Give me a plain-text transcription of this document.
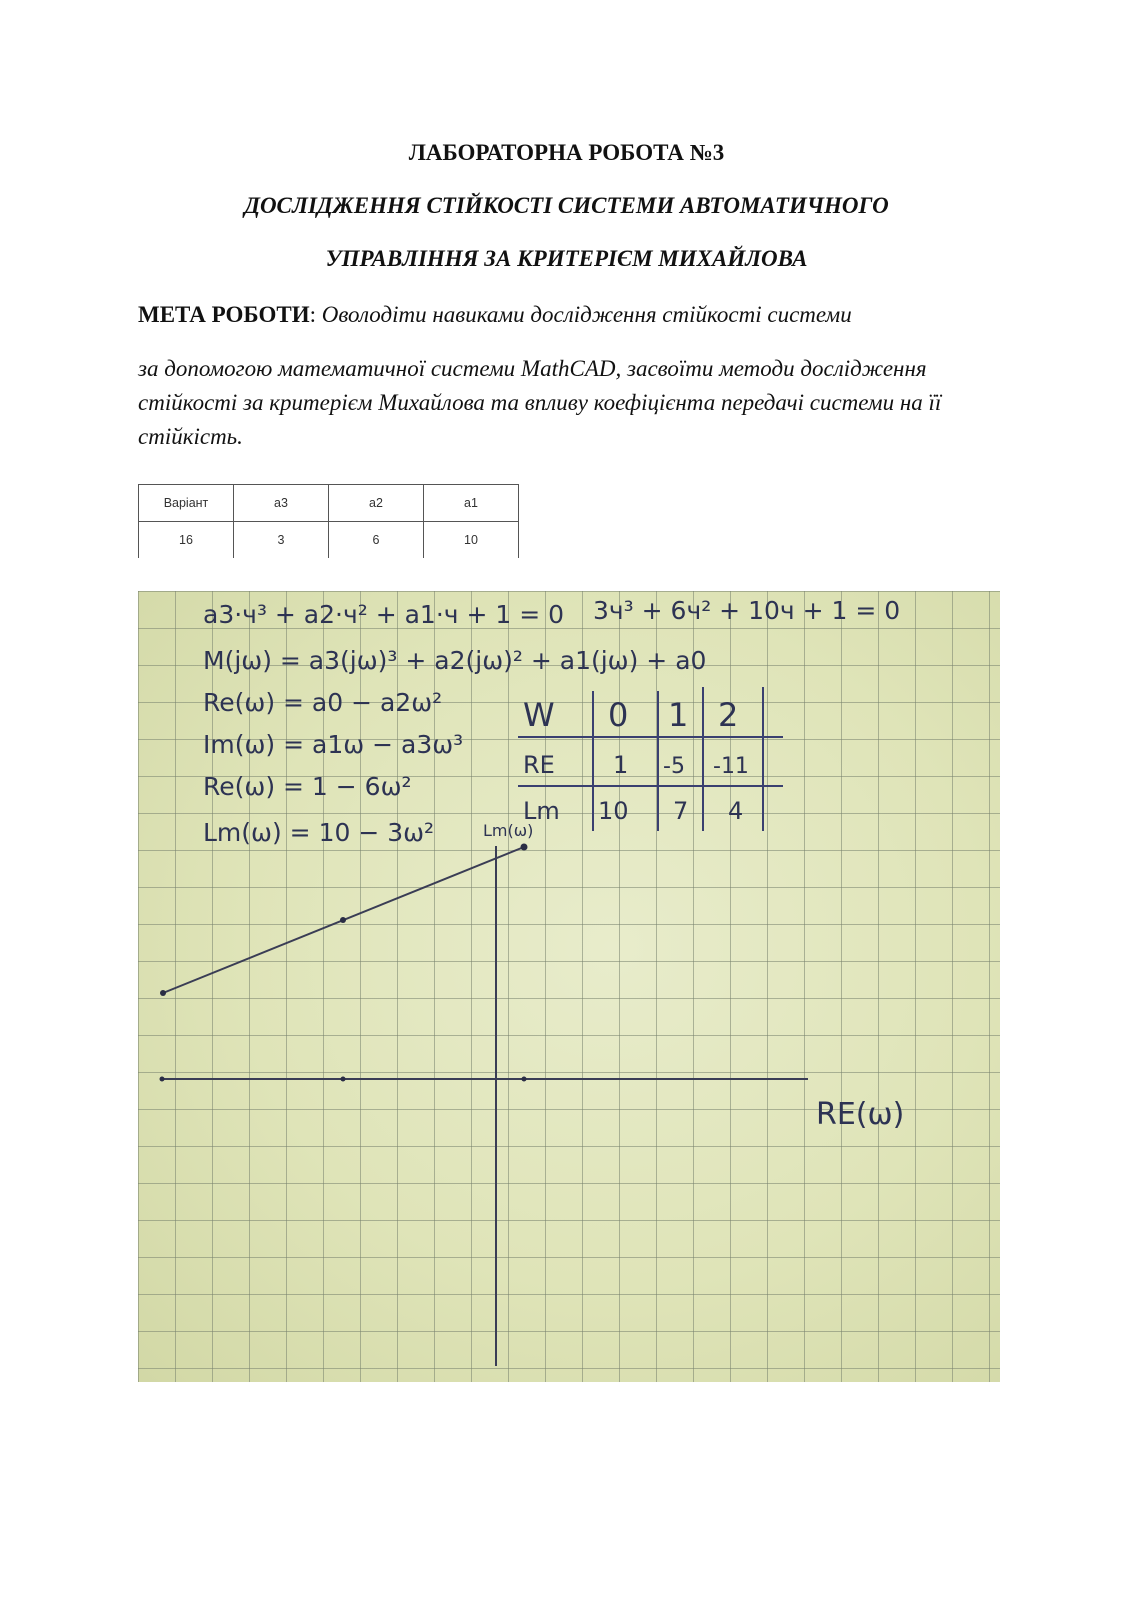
ЛАБОРАТОРНА РОБОТА №3
ДОСЛІДЖЕННЯ СТІЙКОСТІ СИСТЕМИ АВТОМАТИЧНОГО
УПРАВЛІННЯ ЗА КРИТЕРІЄМ МИХАЙЛОВА

МЕТА РОБОТИ: Оволодіти навиками дослідження стійкості системи

за допомогою математичної системи MathCAD, засвоїти методи дослідження стійкості за критерієм Михайлова та впливу коефіцієнта передачі системи на її стійкість.

Варіант	a3	a2	a1
16	3	6	10
a3·ч³ + a2·ч² + a1·ч + 1 = 0 3ч³ + 6ч² + 10ч + 1 = 0
M(jω) = a3(jω)³ + a2(jω)² + a1(jω) + a0
Re(ω) = a0 − a2ω²
Im(ω) = a1ω − a3ω³
Re(ω) = 1 − 6ω²
Lm(ω) = 10 − 3ω²
W 0 1 2
RE 1 -5 -11
Lm 10 7 4
Lm(ω)
RE(ω)
